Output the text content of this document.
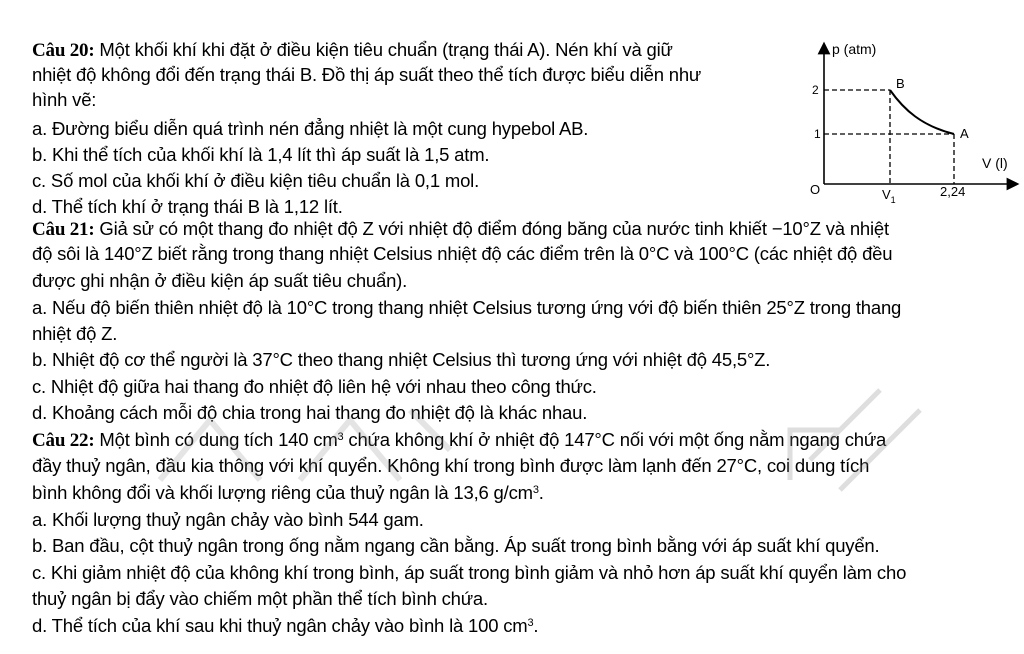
Câu 20: Một khối khí khi đặt ở điều kiện tiêu chuẩn (trạng thái A). Nén khí và giữ
nhiệt độ không đổi đến trạng thái B. Đồ thị áp suất theo thể tích được biểu diễn như
hình vẽ:
a. Đường biểu diễn quá trình nén đẳng nhiệt là một cung hypebol AB.
b. Khi thể tích của khối khí là 1,4 lít thì áp suất là 1,5 atm.
c. Số mol của khối khí ở điều kiện tiêu chuẩn là 0,1 mol.
d. Thể tích khí ở trạng thái B là 1,12 lít.
p (atm)
V (l)
O
2
1
$V_1$
2,24
B
A
Câu 21: Giả sử có một thang đo nhiệt độ Z với nhiệt độ điểm đóng băng của nước tinh khiết −10°Z và nhiệt
độ sôi là 140°Z biết rằng trong thang nhiệt Celsius nhiệt độ các điểm trên là 0°C và 100°C (các nhiệt độ đều
được ghi nhận ở điều kiện áp suất tiêu chuẩn).
a. Nếu độ biến thiên nhiệt độ là 10°C trong thang nhiệt Celsius tương ứng với độ biến thiên 25°Z trong thang
nhiệt độ Z.
b. Nhiệt độ cơ thể người là 37°C theo thang nhiệt Celsius thì tương ứng với nhiệt độ 45,5°Z.
c. Nhiệt độ giữa hai thang đo nhiệt độ liên hệ với nhau theo công thức.
d. Khoảng cách mỗi độ chia trong hai thang đo nhiệt độ là khác nhau.
Câu 22: Một bình có dung tích 140 $cm^3$ chứa không khí ở nhiệt độ 147°C nối với một ống nằm ngang chứa
đầy thuỷ ngân, đầu kia thông với khí quyển. Không khí trong bình được làm lạnh đến 27°C, coi dung tích
bình không đổi và khối lượng riêng của thuỷ ngân là 13,6 $g/cm^3$.
a. Khối lượng thuỷ ngân chảy vào bình 544 gam.
b. Ban đầu, cột thuỷ ngân trong ống nằm ngang cần bằng. Áp suất trong bình bằng với áp suất khí quyển.
c. Khi giảm nhiệt độ của không khí trong bình, áp suất trong bình giảm và nhỏ hơn áp suất khí quyển làm cho
thuỷ ngân bị đẩy vào chiếm một phần thể tích bình chứa.
d. Thể tích của khí sau khi thuỷ ngân chảy vào bình là 100 $cm^3$.
